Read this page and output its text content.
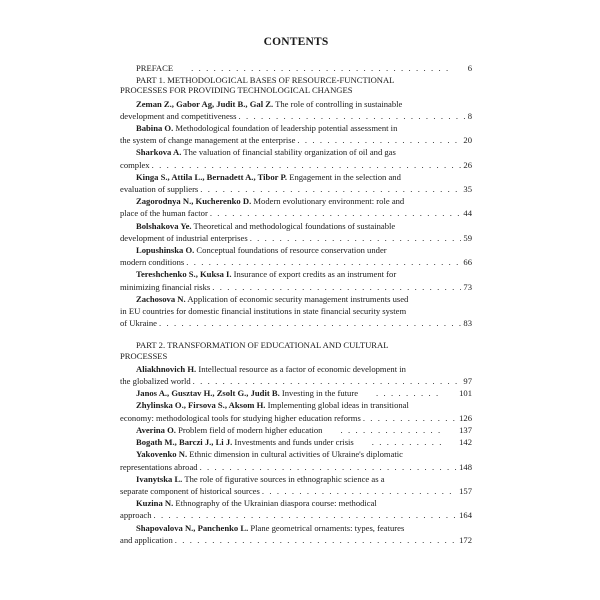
CONTENTS
PREFACE . . .	6
PART 1. METHODOLOGICAL BASES OF RESOURCE-FUNCTIONAL
PROCESSES FOR PROVIDING TECHNOLOGICAL CHANGES
Zeman Z., Gabor Ag, Judit B., Gal Z. The role of controlling in sustainable
development and competitiveness . . .	8
Babina O. Methodological foundation of leadership potential assessment in
the system of change management at the enterprise . . .	20
Sharkova A. The valuation of financial stability organization of oil and gas
complex . . .	26
Kinga S., Attila L., Bernadett A., Tibor P. Engagement in the selection and
evaluation of suppliers . . .	35
Zagorodnya N., Kucherenko D. Modern evolutionary environment: role and
place of the human factor . . .	44
Bolshakova Ye. Theoretical and methodological foundations of sustainable
development of industrial enterprises . . .	59
Lopushinska O. Conceptual foundations of resource conservation under
modern conditions . . .	66
Tereshchenko S., Kuksa I. Insurance of export credits as an instrument for
minimizing financial risks . . .	73
Zachosova N. Application of economic security management instruments used
in EU countries for domestic financial institutions in state financial security system
of Ukraine . . .	83
PART 2. TRANSFORMATION OF EDUCATIONAL AND CULTURAL
PROCESSES
Aliakhnovich H. Intellectual resource as a factor of economic development in
the globalized world . . .	97
Janos A., Gusztav H., Zsolt G., Judit B. Investing in the future . . .	101
Zhylinska O., Firsova S., Aksom H. Implementing global ideas in transitional
economy: methodological tools for studying higher education reforms . . .	126
Averina O. Problem field of modern higher education . . .	137
Bogath M., Barczi J., Li J. Investments and funds under crisis . . .	142
Yakovenko N. Ethnic dimension in cultural activities of Ukraine's diplomatic
representations abroad . . .	148
Ivanytska L. The role of figurative sources in ethnographic science as a
separate component of historical sources . . .	157
Kuzina N. Ethnography of the Ukrainian diaspora course: methodical
approach . . .	164
Shapovalova N., Panchenko L. Plane geometrical ornaments: types, features
and application . . .	172
